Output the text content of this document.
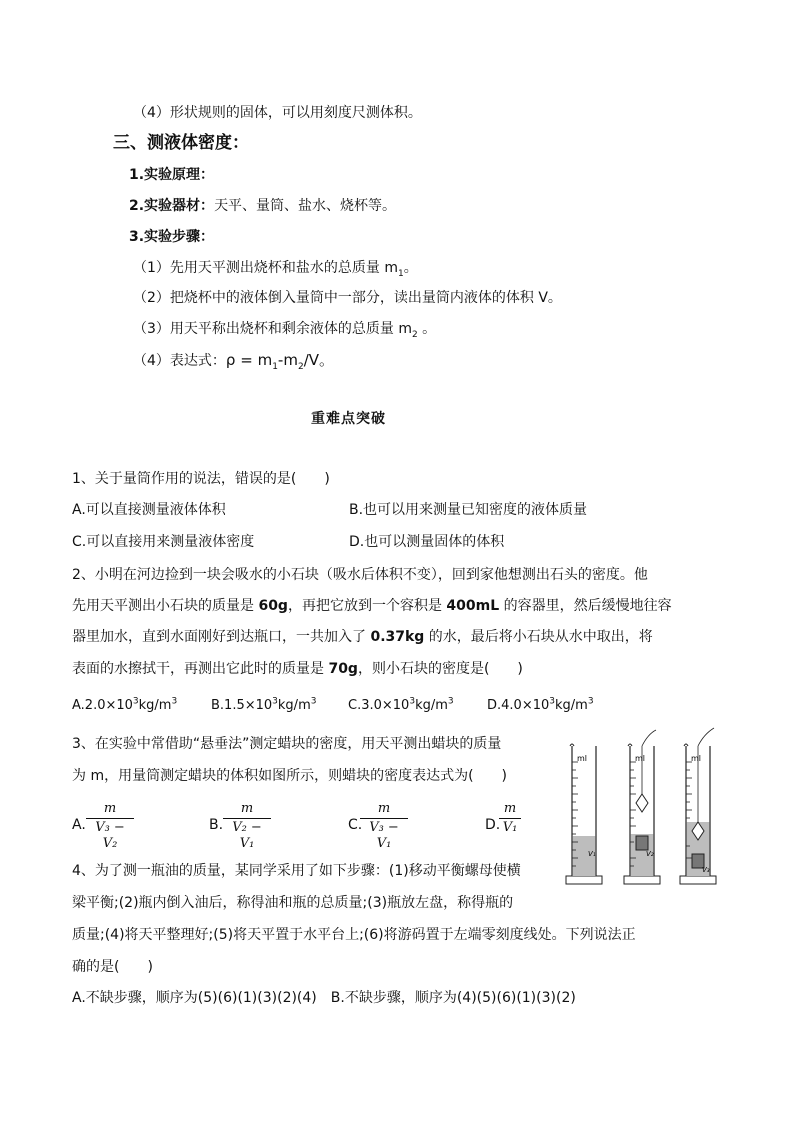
（4）形状规则的固体，可以用刻度尺测体积。
三、测液体密度：
1.实验原理：
2.实验器材：天平、量筒、盐水、烧杯等。
3.实验步骤：
（1）先用天平测出烧杯和盐水的总质量 $m_1$。
（2）把烧杯中的液体倒入量筒中一部分，读出量筒内液体的体积 V。
（3）用天平称出烧杯和剩余液体的总质量 $m_2$ 。
（4）表达式：$\rho = m_1-m_2/V$。
重难点突破
1、关于量筒作用的说法，错误的是(　　)
A.可以直接测量液体体积	B.也可以用来测量已知密度的液体质量
C.可以直接用来测量液体密度	D.也可以测量固体的体积
2、小明在河边捡到一块会吸水的小石块（吸水后体积不变），回到家他想测出石头的密度。他
先用天平测出小石块的质量是 60g，再把它放到一个容积是 400mL 的容器里，然后缓慢地往容
器里加水，直到水面刚好到达瓶口，一共加入了 0.37kg 的水，最后将小石块从水中取出，将
表面的水擦拭干，再测出它此时的质量是 70g，则小石块的密度是(　　)
$A.2.0\times 10^3kg/m^3$	$B.1.5\times 10^3kg/m^3$ $C.3.0\times 10^3kg/m^3$	$D.4.0\times 10^3kg/m^3$
3、在实验中常借助“悬垂法”测定蜡块的密度，用天平测出蜡块的质量
为 m，用量筒测定蜡块的体积如图所示，则蜡块的密度表达式为(　　)
A.
m
V₃ − V₂
B.
m
V₂ − V₁
C.
m
V₃ − V₁
D.
m
V₁
ml
V₁
ml
V₂
ml
V₃
4、为了测一瓶油的质量，某同学采用了如下步骤：(1)移动平衡螺母使横
梁平衡;(2)瓶内倒入油后，称得油和瓶的总质量;(3)瓶放左盘，称得瓶的
质量;(4)将天平整理好;(5)将天平置于水平台上;(6)将游码置于左端零刻度线处。下列说法正
确的是(　　)
A.不缺步骤，顺序为(5)(6)(1)(3)(2)(4)　B.不缺步骤，顺序为(4)(5)(6)(1)(3)(2)
